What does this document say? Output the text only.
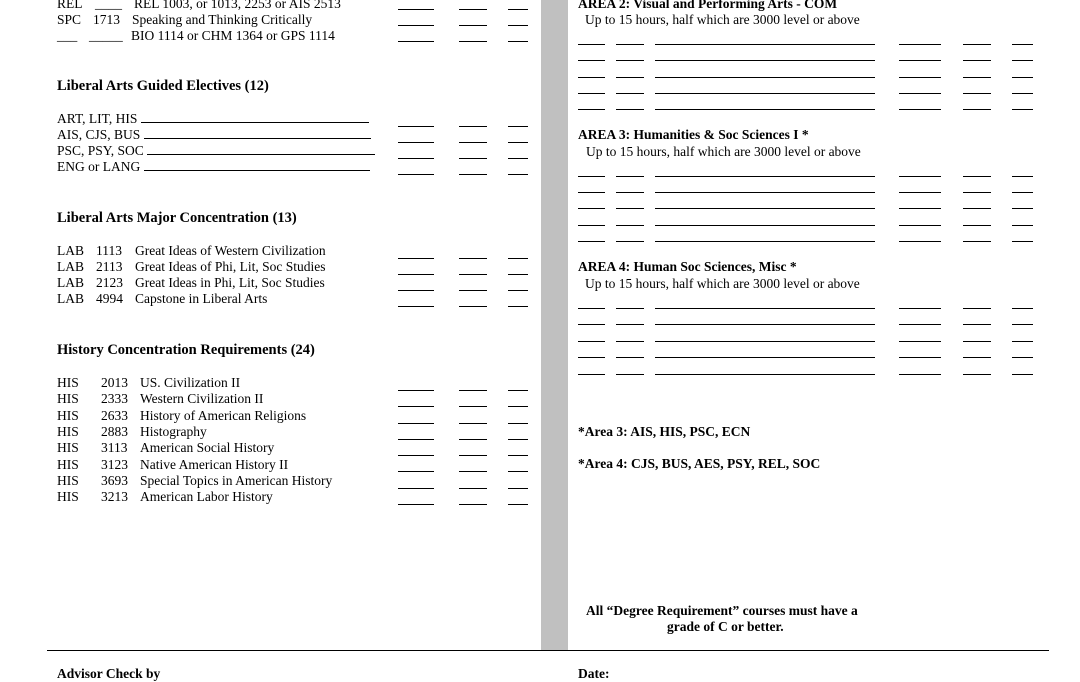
REL ____ REL 1003, or 1013, 2253 or AIS 2513
SPC 1713 Speaking and Thinking Critically
___ _____ BIO 1114 or CHM 1364 or GPS 1114
Liberal Arts Guided Electives (12)
ART, LIT, HIS
AIS, CJS, BUS
PSC, PSY, SOC
ENG or LANG
Liberal Arts Major Concentration (13)
LAB 1113 Great Ideas of Western Civilization
LAB 2113 Great Ideas of Phi, Lit, Soc Studies
LAB 2123 Great Ideas in Phi, Lit, Soc Studies
LAB 4994 Capstone in Liberal Arts
History Concentration Requirements (24)
HIS 2013 US. Civilization II
HIS 2333 Western Civilization II
HIS 2633 History of American Religions
HIS 2883 Histography
HIS 3113 American Social History
HIS 3123 Native American History II
HIS 3693 Special Topics in American History
HIS 3213 American Labor History
AREA 2: Visual and Performing Arts - COM
Up to 15 hours, half which are 3000 level or above
AREA 3: Humanities & Soc Sciences I *
Up to 15 hours, half which are 3000 level or above
AREA 4: Human Soc Sciences, Misc *
Up to 15 hours, half which are 3000 level or above
*Area 3: AIS, HIS, PSC, ECN
*Area 4: CJS, BUS, AES, PSY, REL, SOC
All “Degree Requirement” courses must have a
grade of C or better.
Advisor Check by	Date:
